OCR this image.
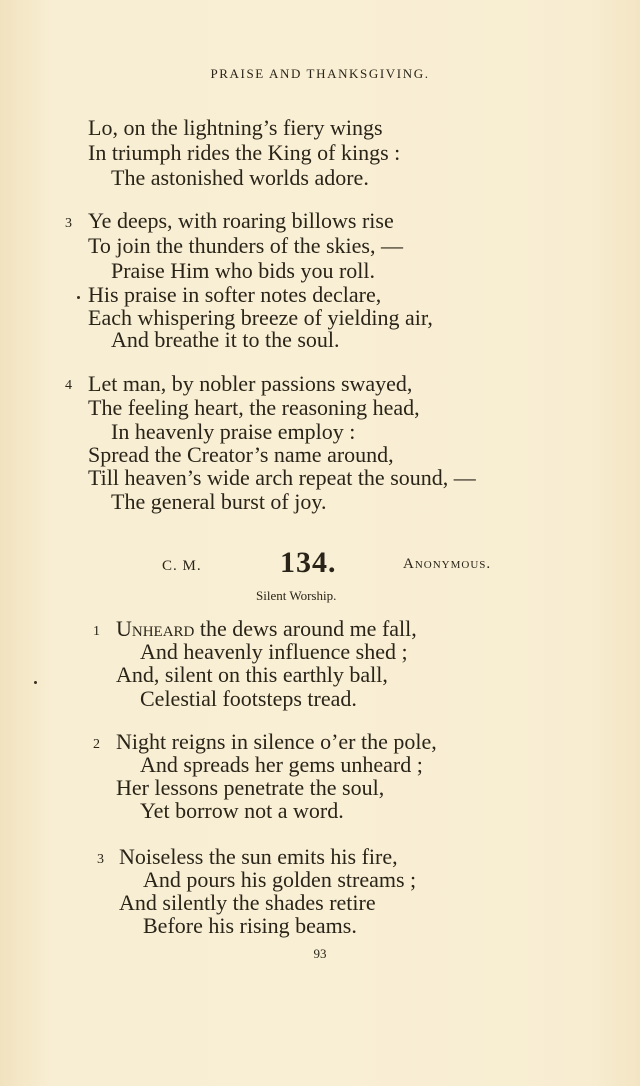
PRAISE AND THANKSGIVING.
Lo, on the lightning’s fiery wings
In triumph rides the King of kings :
The astonished worlds adore.
3 Ye deeps, with roaring billows rise
To join the thunders of the skies, —
Praise Him who bids you roll.
His praise in softer notes declare,
Each whispering breeze of yielding air,
And breathe it to the soul.
4 Let man, by nobler passions swayed,
The feeling heart, the reasoning head,
In heavenly praise employ :
Spread the Creator’s name around,
Till heaven’s wide arch repeat the sound, —
The general burst of joy.
C. M.	134.	Anonymous.
Silent Worship.
1 Unheard the dews around me fall,
And heavenly influence shed ;
And, silent on this earthly ball,
Celestial footsteps tread.
2 Night reigns in silence o’er the pole,
And spreads her gems unheard ;
Her lessons penetrate the soul,
Yet borrow not a word.
3 Noiseless the sun emits his fire,
And pours his golden streams ;
And silently the shades retire
Before his rising beams.
93
